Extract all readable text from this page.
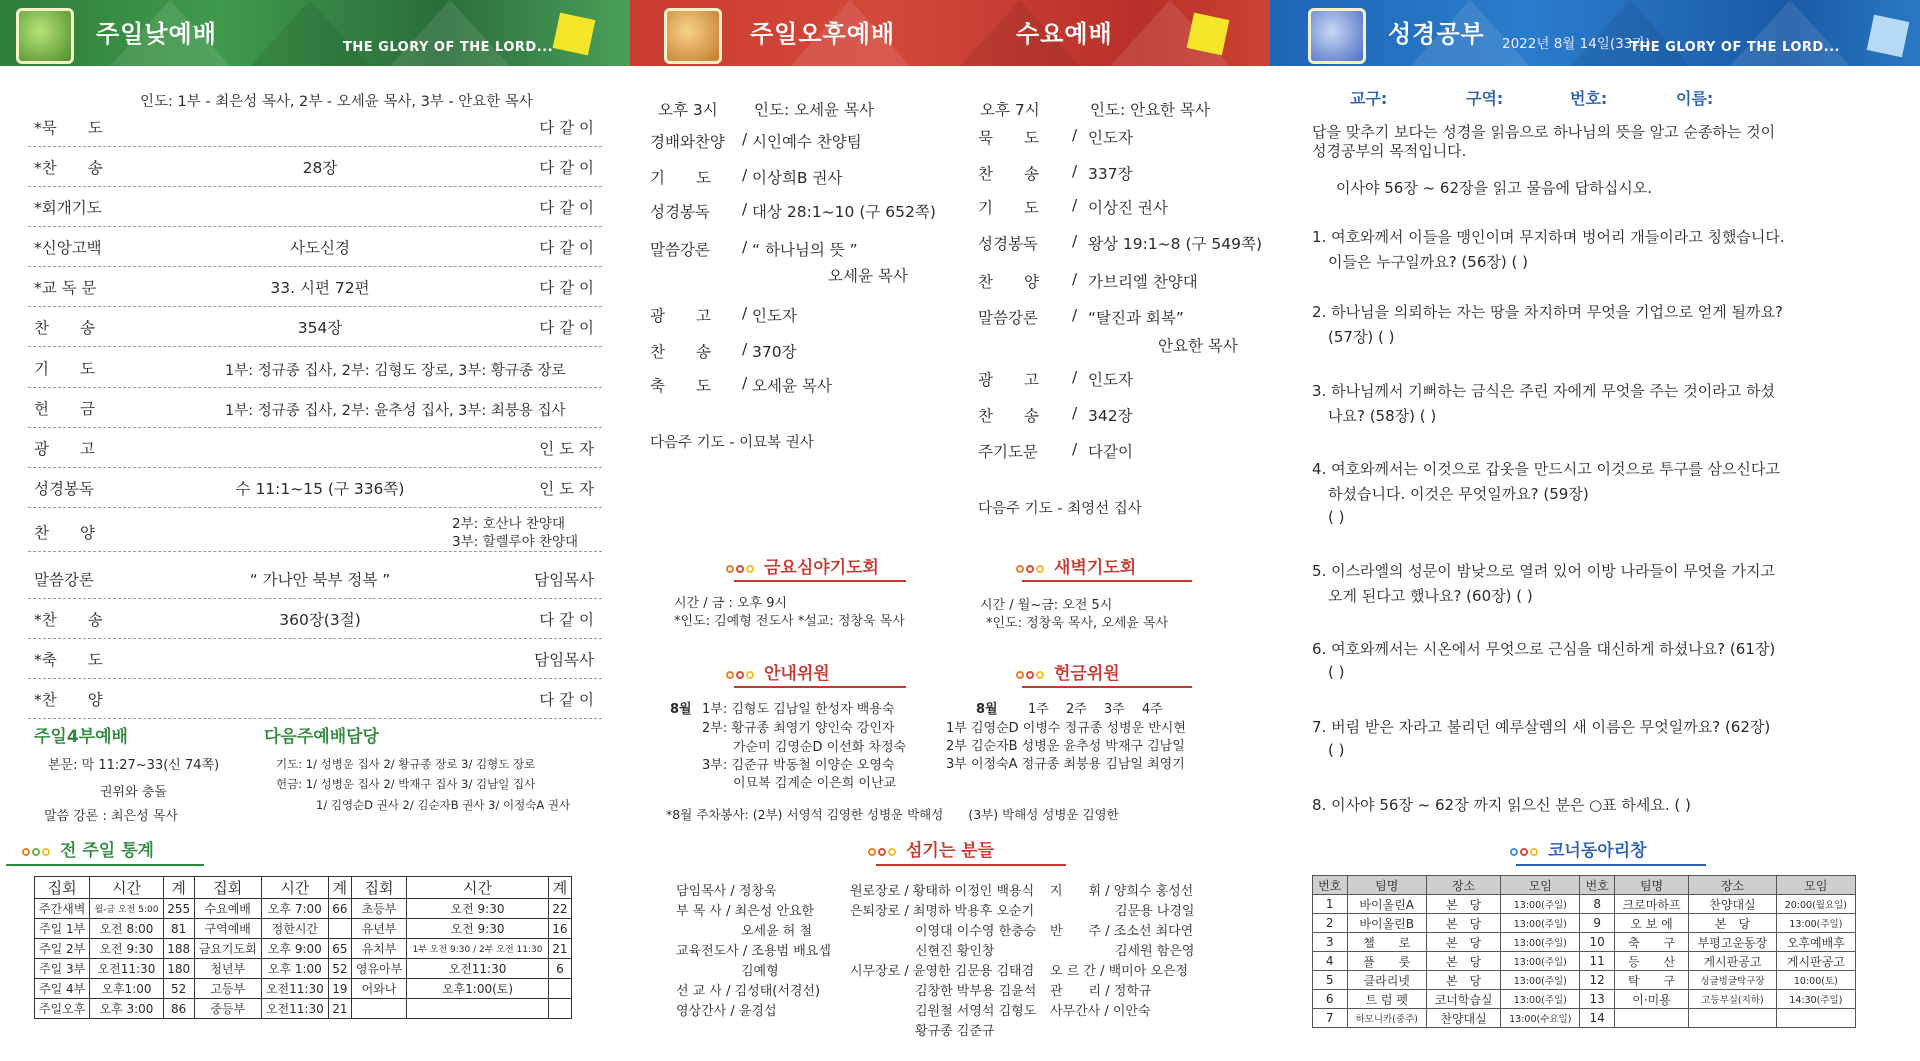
주일낮예배	THE GLORY OF THE LORD...
인도: 1부 - 최은성 목사, 2부 - 오세윤 목사, 3부 - 안요한 목사
*묵　　도	다 같 이
*찬　　송	28장	다 같 이
*회개기도	다 같 이
*신앙고백	사도신경	다 같 이
*교 독 문	33. 시편 72편	다 같 이
찬　　송	354장	다 같 이
기　　도	1부: 정규종 집사, 2부: 김형도 장로, 3부: 황규종 장로
헌　　금	1부: 정규종 집사, 2부: 윤추성 집사, 3부: 최붕용 집사
광　　고	인 도 자
성경봉독	수 11:1~15 (구 336쪽)	인 도 자
찬　　양	2부: 호산나 찬양대
3부: 할렐루야 찬양대
말씀강론	“ 가나안 북부 정복 ”	담임목사
*찬　　송	360장(3절)	다 같 이
*축　　도	담임목사
*찬　　양	다 같 이
주일4부예배
본문: 막 11:27~33(신 74쪽)
권위와 충돌
말씀 강론 : 최은성 목사
다음주예배담당
기도: 1/ 성병운 집사 2/ 황규종 장로 3/ 김형도 장로
헌금: 1/ 성병운 집사 2/ 박재구 집사 3/ 김남일 집사
1/ 김영순D 권사 2/ 김순자B 권사 3/ 이정숙A 권사
전 주일 통계
집회	시간	계	집회	시간	계	집회	시간	계
주간새벽	월-금 오전 5:00	255	수요예배	오후 7:00	66	초등부	오전 9:30	22
주일 1부	오전 8:00	81	구역예배	정한시간		유년부	오전 9:30	16
주일 2부	오전 9:30	188	금요기도회	오후 9:00	65	유치부	1부 오전 9:30 / 2부 오전 11:30	21
주일 3부	오전11:30	180	청년부	오후 1:00	52	영유아부	오전11:30	6
주일 4부	오후1:00	52	고등부	오전11:30	19	어와나	오후1:00(토)	
주일오후	오후 3:00	86	중등부	오전11:30	21			
주일오후예배	수요예배
오후 3시 인도: 오세윤 목사
경배와찬양 / 시인예수 찬양팀
기　　도 / 이상희B 권사
성경봉독 / 대상 28:1~10 (구 652쪽)
말씀강론 / “ 하나님의 뜻 ”
광　　고 / 인도자
찬　　송 / 370장
축　　도 / 오세윤 목사
오세윤 목사
다음주 기도 - 이묘복 권사
오후 7시	인도: 안요한 목사
묵　　도 / 인도자
찬　　송 / 337장
기　　도 / 이상진 권사
성경봉독 / 왕상 19:1~8 (구 549쪽)
찬　　양 / 가브리엘 찬양대
말씀강론 / “탈진과 회복”
광　　고 / 인도자
찬　　송 / 342장
주기도문 / 다같이
안요한 목사
다음주 기도 - 최영선 집사
금요심야기도회
시간 / 금 : 오후 9시
*인도: 김예형 전도사 *설교: 정창욱 목사
새벽기도회
시간 / 월~금: 오전 5시
*인도: 정창욱 목사, 오세윤 목사
안내위원
8월 1부: 김형도 김남일 한성자 백용숙
2부: 황규종 최영기 양인숙 강인자
가순미 김영순D 이선화 차정숙
3부: 김준규 박동철 이양순 오영숙
이묘복 김계순 이은희 이난교
헌금위원
8월 1주　 2주　 3주　 4주
1부 김영순D 이병수 정규종 성병운 반시현
2부 김순자B 성병운 윤추성 박재구 김남일
3부 이정숙A 정규종 최붕용 김남일 최영기
*8월 주차봉사: (2부) 서영석 김영한 성병운 박해성　　(3부) 박해성 성병운 김영한
섬기는 분들
담임목사 / 정창욱
부 목 사 / 최은성 안요한
　　　　　오세윤 허 철
교육전도사 / 조용범 배요셉
　　　　　김예형
선 교 사 / 김성태(서경선)
영상간사 / 윤경섭
원로장로 / 황태하 이정인 백용식
은퇴장로 / 최명하 박용후 오순기
　　　　　이영대 이수영 한충승
　　　　　신현진 황인창
시무장로 / 윤영한 김문용 김태겸
　　　　　김창한 박부용 김윤석
　　　　　김원철 서영석 김형도
　　　　　황규종 김준규
지　　휘 / 양희수 홍성선
　　　　　김문용 나경일
반　　주 / 조소선 최다연
　　　　　김세원 함은영
오 르 간 / 백미아 오은정
관　　리 / 정학규
사무간사 / 이안숙
성경공부 2022년 8월 14일(33과)
THE GLORY OF THE LORD...
교구:	구역:	번호:	이름:
답을 맞추기 보다는 성경을 읽음으로 하나님의 뜻을 알고 순종하는 것이
성경공부의 목적입니다.
이사야 56장 ~ 62장을 읽고 물음에 답하십시오.
1. 여호와께서 이들을 맹인이며 무지하며 벙어리 개들이라고 칭했습니다.
이들은 누구일까요? (56장) ( )
2. 하나님을 의뢰하는 자는 땅을 차지하며 무엇을 기업으로 얻게 될까요?
(57장) ( )
3. 하나님께서 기뻐하는 금식은 주린 자에게 무엇을 주는 것이라고 하셨
나요? (58장) ( )
4. 여호와께서는 이것으로 갑옷을 만드시고 이것으로 투구를 삼으신다고
하셨습니다. 이것은 무엇일까요? (59장)
( )
5. 이스라엘의 성문이 밤낮으로 열려 있어 이방 나라들이 무엇을 가지고
오게 된다고 했나요? (60장) ( )
6. 여호와께서는 시온에서 무엇으로 근심을 대신하게 하셨나요? (61장)
( )
7. 버림 받은 자라고 불리던 예루살렘의 새 이름은 무엇일까요? (62장)
( )
8. 이사야 56장 ~ 62장 까지 읽으신 분은 ○표 하세요. ( )
코너동아리창
번호	팀명	장소	모임	번호	팀명	장소	모임
1	바이올린A	본　당	13:00(주일)	8	크로마하프	찬양대실	20:00(월요일)
2	바이올린B	본　당	13:00(주일)	9	오 보 에	본　당	13:00(주일)
3	첼　　로	본　당	13:00(주일)	10	축　　구	부평고운동장	오후예배후
4	플　　룻	본　당	13:00(주일)	11	등　　산	게시판공고	게시판공고
5	클라리넷	본　당	13:00(주일)	12	탁　　구	싱글벙글탁구장	10:00(토)
6	트 럼 펫	코너학습실	13:00(주일)	13	이·미용	고등부실(지하)	14:30(주일)
7	하모니카(중주)	찬양대실	13:00(수요일)	14			
